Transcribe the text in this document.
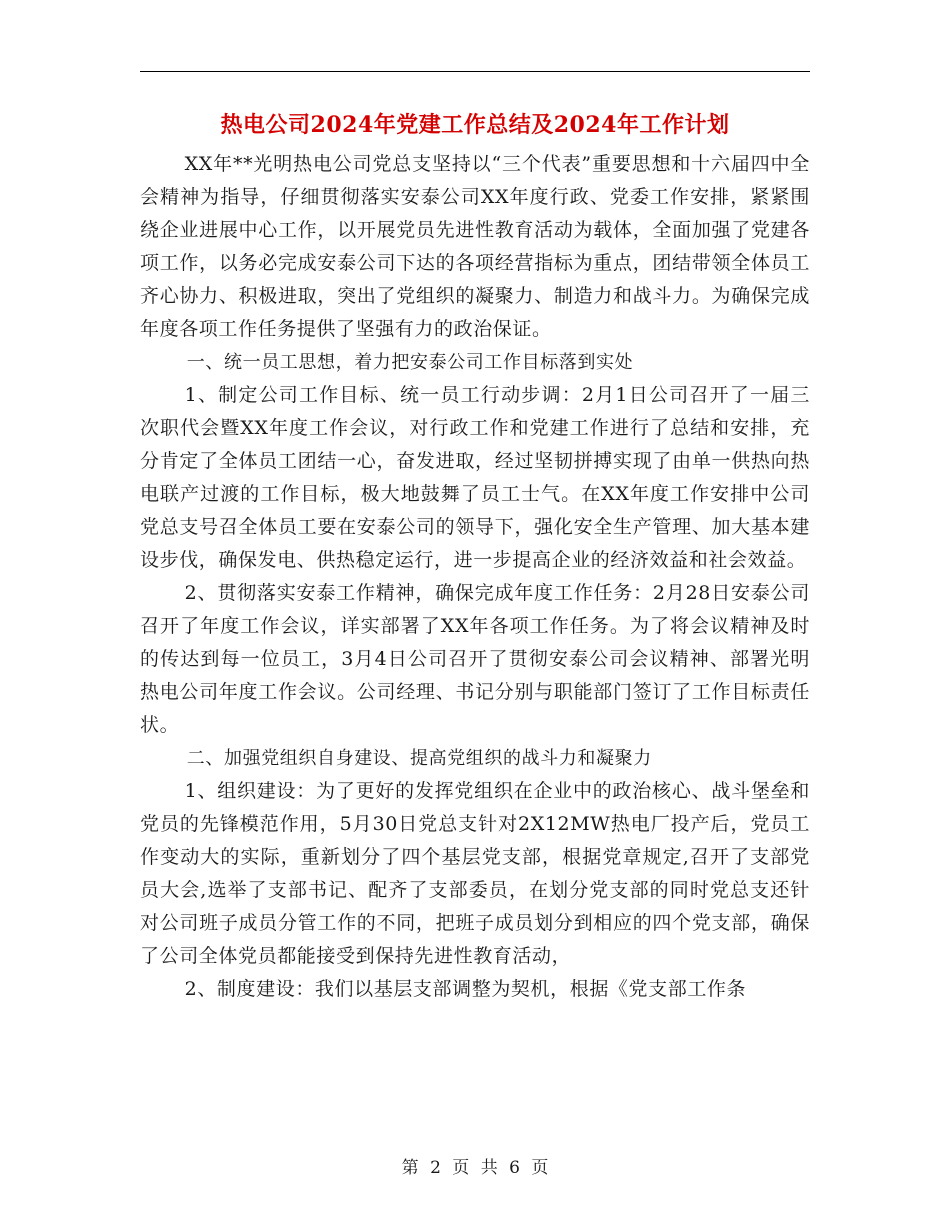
热电公司2024年党建工作总结及2024年工作计划

XX年**光明热电公司党总支坚持以“三个代表”重要思想和十六届四中全会精神为指导，仔细贯彻落实安泰公司XX年度行政、党委工作安排，紧紧围绕企业进展中心工作，以开展党员先进性教育活动为载体，全面加强了党建各项工作，以务必完成安泰公司下达的各项经营指标为重点，团结带领全体员工齐心协力、积极进取，突出了党组织的凝聚力、制造力和战斗力。为确保完成年度各项工作任务提供了坚强有力的政治保证。

一、统一员工思想，着力把安泰公司工作目标落到实处

1、制定公司工作目标、统一员工行动步调：2月1日公司召开了一届三次职代会暨XX年度工作会议，对行政工作和党建工作进行了总结和安排，充分肯定了全体员工团结一心，奋发进取，经过坚韧拼搏实现了由单一供热向热电联产过渡的工作目标，极大地鼓舞了员工士气。在XX年度工作安排中公司党总支号召全体员工要在安泰公司的领导下，强化安全生产管理、加大基本建设步伐，确保发电、供热稳定运行，进一步提高企业的经济效益和社会效益。

2、贯彻落实安泰工作精神，确保完成年度工作任务：2月28日安泰公司召开了年度工作会议，详实部署了XX年各项工作任务。为了将会议精神及时的传达到每一位员工，3月4日公司召开了贯彻安泰公司会议精神、部署光明热电公司年度工作会议。公司经理、书记分别与职能部门签订了工作目标责任状。

二、加强党组织自身建设、提高党组织的战斗力和凝聚力

1、组织建设：为了更好的发挥党组织在企业中的政治核心、战斗堡垒和党员的先锋模范作用，5月30日党总支针对2X12MW热电厂投产后，党员工作变动大的实际，重新划分了四个基层党支部，根据党章规定,召开了支部党员大会,选举了支部书记、配齐了支部委员，在划分党支部的同时党总支还针对公司班子成员分管工作的不同，把班子成员划分到相应的四个党支部，确保了公司全体党员都能接受到保持先进性教育活动，

2、制度建设：我们以基层支部调整为契机，根据《党支部工作条

第 2 页 共 6 页
